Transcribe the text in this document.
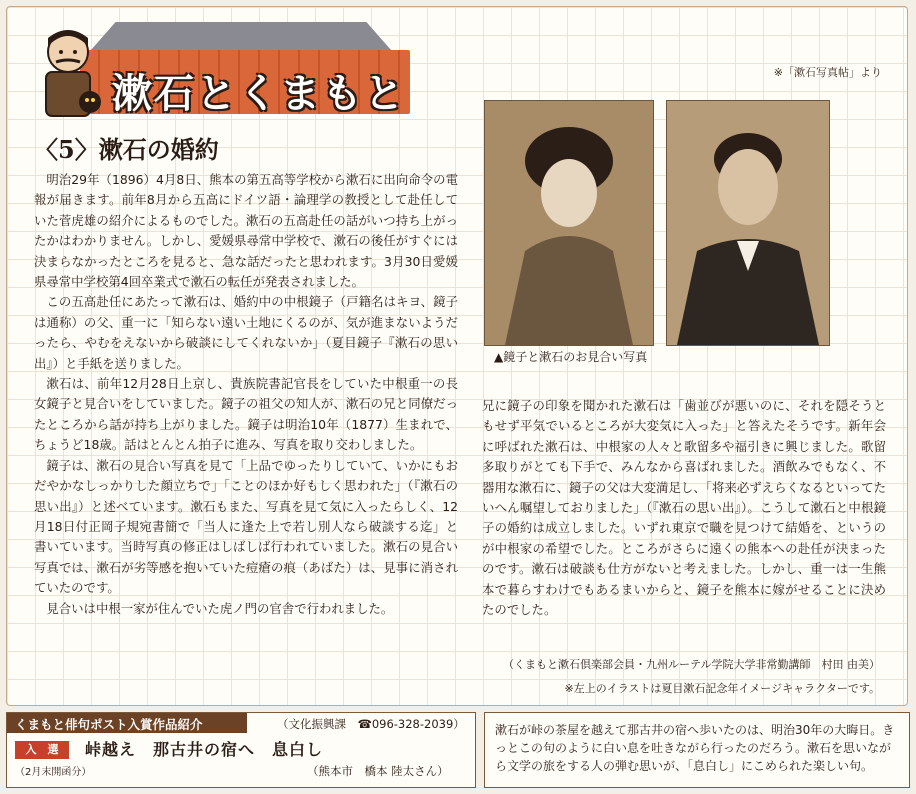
漱石とくまもと	※「漱石写真帖」より
▲鏡子と漱石のお見合い写真
〈5〉漱石の婚約

明治29年（1896）4月8日、熊本の第五高等学校から漱石に出向命令の電報が届きます。前年8月から五高にドイツ語・論理学の教授として赴任していた菅虎雄の紹介によるものでした。漱石の五高赴任の話がいつ持ち上がったかはわかりません。しかし、愛媛県尋常中学校で、漱石の後任がすぐには決まらなかったところを見ると、急な話だったと思われます。3月30日愛媛県尋常中学校第4回卒業式で漱石の転任が発表されました。

この五高赴任にあたって漱石は、婚約中の中根鏡子（戸籍名はキヨ、鏡子は通称）の父、重一に「知らない遠い土地にくるのが、気が進まないようだったら、やむをえないから破談にしてくれないか」（夏目鏡子『漱石の思い出』）と手紙を送りました。

漱石は、前年12月28日上京し、貴族院書記官長をしていた中根重一の長女鏡子と見合いをしていました。鏡子の祖父の知人が、漱石の兄と同僚だったところから話が持ち上がりました。鏡子は明治10年（1877）生まれで、ちょうど18歳。話はとんとん拍子に進み、写真を取り交わしました。

鏡子は、漱石の見合い写真を見て「上品でゆったりしていて、いかにもおだやかなしっかりした顔立ちで」「ことのほか好もしく思われた」（『漱石の思い出』）と述べています。漱石もまた、写真を見て気に入ったらしく、12月18日付正岡子規宛書簡で「当人に逢た上で若し別人なら破談する迄」と書いています。当時写真の修正はしばしば行われていました。漱石の見合い写真では、漱石が劣等感を抱いていた痘瘡の痕（あばた）は、見事に消されていたのです。

見合いは中根一家が住んでいた虎ノ門の官舎で行われました。

兄に鏡子の印象を聞かれた漱石は「歯並びが悪いのに、それを隠そうともせず平気でいるところが大変気に入った」と答えたそうです。新年会に呼ばれた漱石は、中根家の人々と歌留多や福引きに興じました。歌留多取りがとても下手で、みんなから喜ばれました。酒飲みでもなく、不器用な漱石に、鏡子の父は大変満足し、「将来必ずえらくなるといってたいへん嘱望しておりました」（『漱石の思い出』）。こうして漱石と中根鏡子の婚約は成立しました。いずれ東京で職を見つけて結婚を、というのが中根家の希望でした。ところがさらに遠くの熊本への赴任が決まったのです。漱石は破談も仕方がないと考えました。しかし、重一は一生熊本で暮らすわけでもあるまいからと、鏡子を熊本に嫁がせることに決めたのでした。

（くまもと漱石倶楽部会員・九州ルーテル学院大学非常勤講師　村田 由美）
※左上のイラストは夏目漱石記念年イメージキャラクターです。
くまもと俳句ポスト入賞作品紹介	（文化振興課　☎096-328-2039）
入　選
（2月末開函分）
峠越え　那古井の宿へ　息白し
（熊本市　橋本 陸太さん）
漱石が峠の茶屋を越えて那古井の宿へ歩いたのは、明治30年の大晦日。きっとこの句のように白い息を吐きながら行ったのだろう。漱石を思いながら文学の旅をする人の弾む思いが、「息白し」にこめられた楽しい句。
